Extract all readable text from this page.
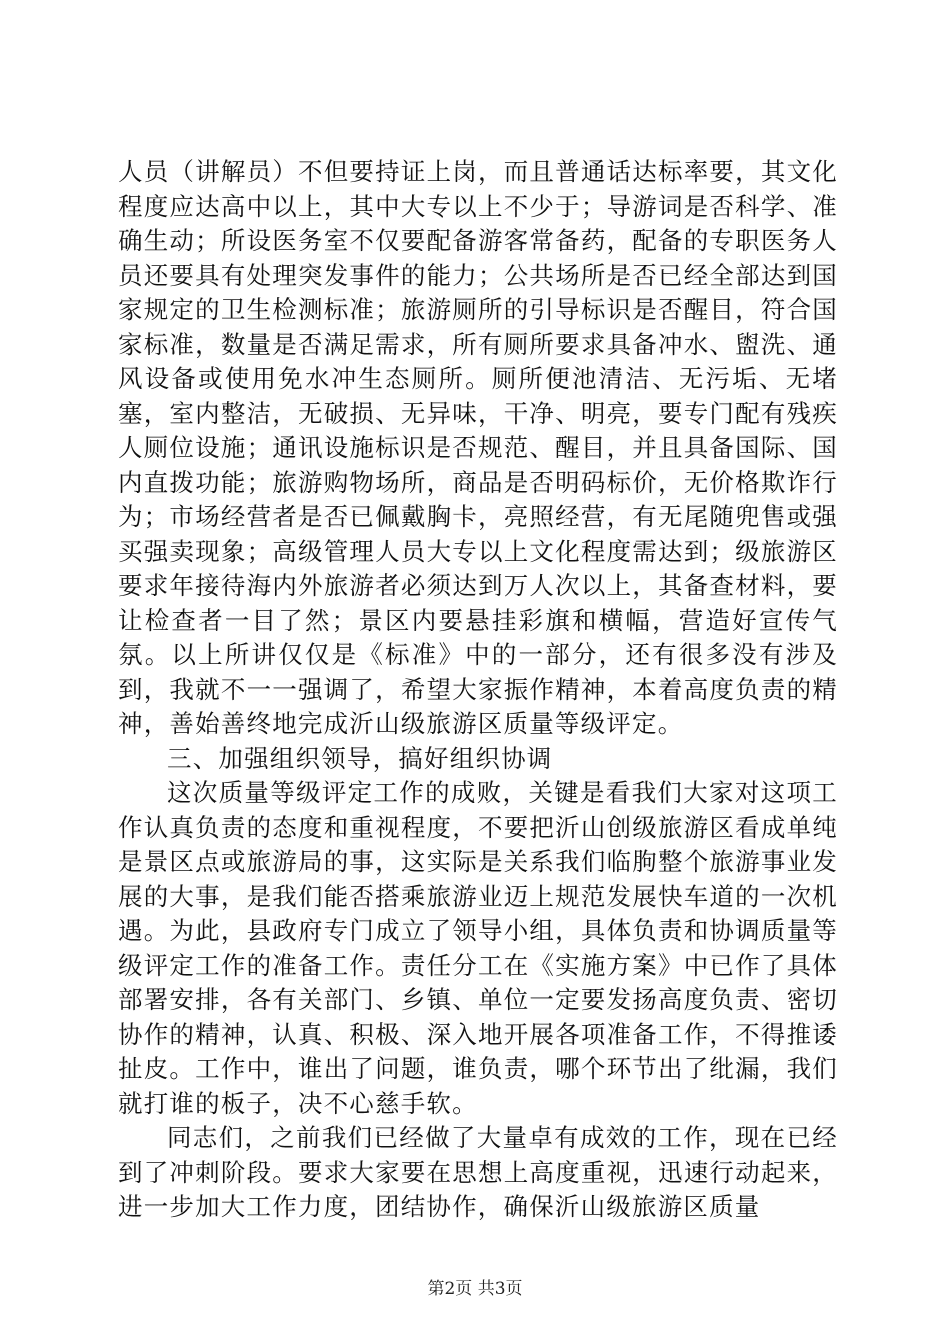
人员（讲解员）不但要持证上岗，而且普通话达标率要，其文化程度应达高中以上，其中大专以上不少于；导游词是否科学、准确生动；所设医务室不仅要配备游客常备药，配备的专职医务人员还要具有处理突发事件的能力；公共场所是否已经全部达到国家规定的卫生检测标准；旅游厕所的引导标识是否醒目，符合国家标准，数量是否满足需求，所有厕所要求具备冲水、盥洗、通风设备或使用免水冲生态厕所。厕所便池清洁、无污垢、无堵塞，室内整洁，无破损、无异味，干净、明亮，要专门配有残疾人厕位设施；通讯设施标识是否规范、醒目，并且具备国际、国内直拨功能；旅游购物场所，商品是否明码标价，无价格欺诈行为；市场经营者是否已佩戴胸卡，亮照经营，有无尾随兜售或强买强卖现象；高级管理人员大专以上文化程度需达到；级旅游区要求年接待海内外旅游者必须达到万人次以上，其备查材料，要让检查者一目了然；景区内要悬挂彩旗和横幅，营造好宣传气氛。以上所讲仅仅是《标准》中的一部分，还有很多没有涉及到，我就不一一强调了，希望大家振作精神，本着高度负责的精神，善始善终地完成沂山级旅游区质量等级评定。

三、加强组织领导，搞好组织协调

这次质量等级评定工作的成败，关键是看我们大家对这项工作认真负责的态度和重视程度，不要把沂山创级旅游区看成单纯是景区点或旅游局的事，这实际是关系我们临朐整个旅游事业发展的大事，是我们能否搭乘旅游业迈上规范发展快车道的一次机遇。为此，县政府专门成立了领导小组，具体负责和协调质量等级评定工作的准备工作。责任分工在《实施方案》中已作了具体部署安排，各有关部门、乡镇、单位一定要发扬高度负责、密切协作的精神，认真、积极、深入地开展各项准备工作，不得推诿扯皮。工作中，谁出了问题，谁负责，哪个环节出了纰漏，我们就打谁的板子，决不心慈手软。

同志们，之前我们已经做了大量卓有成效的工作，现在已经到了冲刺阶段。要求大家要在思想上高度重视，迅速行动起来，进一步加大工作力度，团结协作，确保沂山级旅游区质量

第2页 共3页
